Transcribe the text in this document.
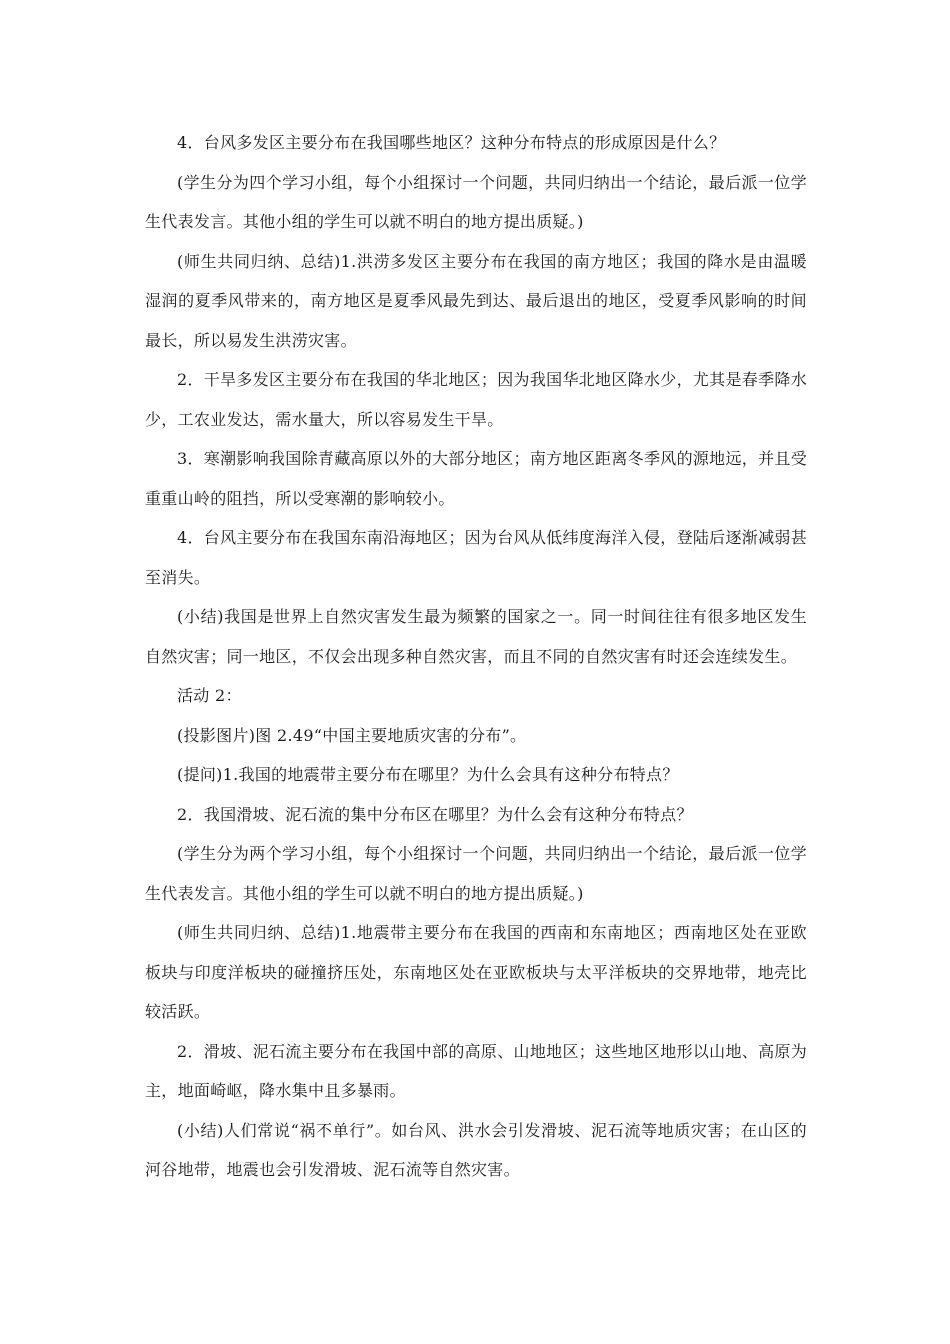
4．台风多发区主要分布在我国哪些地区？这种分布特点的形成原因是什么？

(学生分为四个学习小组，每个小组探讨一个问题，共同归纳出一个结论，最后派一位学生代表发言。其他小组的学生可以就不明白的地方提出质疑。)

(师生共同归纳、总结)1.洪涝多发区主要分布在我国的南方地区；我国的降水是由温暖湿润的夏季风带来的，南方地区是夏季风最先到达、最后退出的地区，受夏季风影响的时间最长，所以易发生洪涝灾害。

2．干旱多发区主要分布在我国的华北地区；因为我国华北地区降水少，尤其是春季降水少，工农业发达，需水量大，所以容易发生干旱。

3．寒潮影响我国除青藏高原以外的大部分地区；南方地区距离冬季风的源地远，并且受重重山岭的阻挡，所以受寒潮的影响较小。

4．台风主要分布在我国东南沿海地区；因为台风从低纬度海洋入侵，登陆后逐渐减弱甚至消失。

(小结)我国是世界上自然灾害发生最为频繁的国家之一。同一时间往往有很多地区发生自然灾害；同一地区，不仅会出现多种自然灾害，而且不同的自然灾害有时还会连续发生。

活动 2：

(投影图片)图 2.49“中国主要地质灾害的分布”。

(提问)1.我国的地震带主要分布在哪里？为什么会具有这种分布特点？

2．我国滑坡、泥石流的集中分布区在哪里？为什么会有这种分布特点？

(学生分为两个学习小组，每个小组探讨一个问题，共同归纳出一个结论，最后派一位学生代表发言。其他小组的学生可以就不明白的地方提出质疑。)

(师生共同归纳、总结)1.地震带主要分布在我国的西南和东南地区；西南地区处在亚欧板块与印度洋板块的碰撞挤压处，东南地区处在亚欧板块与太平洋板块的交界地带，地壳比较活跃。

2．滑坡、泥石流主要分布在我国中部的高原、山地地区；这些地区地形以山地、高原为主，地面崎岖，降水集中且多暴雨。

(小结)人们常说“祸不单行”。如台风、洪水会引发滑坡、泥石流等地质灾害；在山区的河谷地带，地震也会引发滑坡、泥石流等自然灾害。
